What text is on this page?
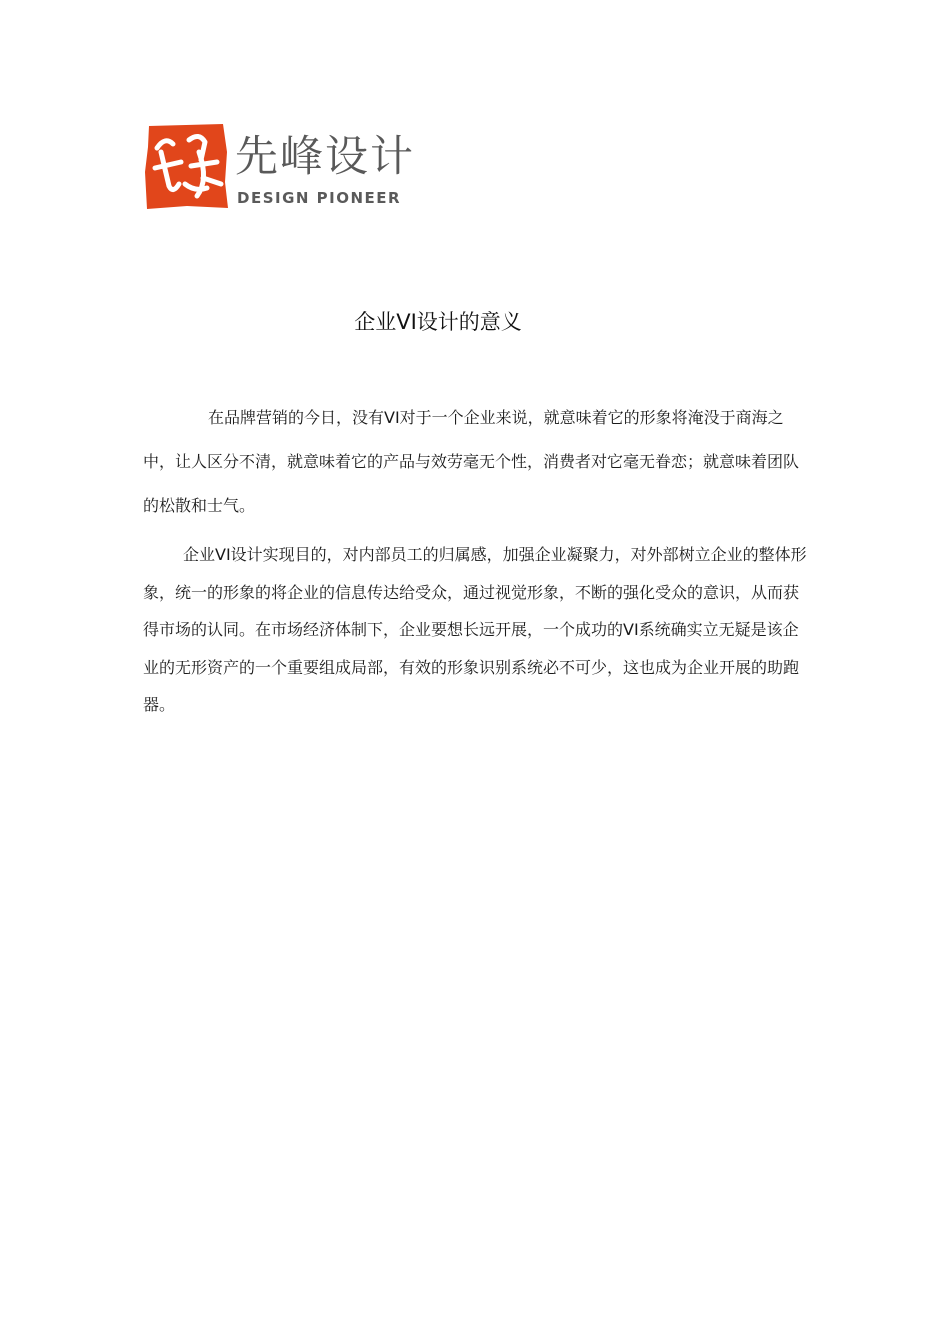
先峰设计
DESIGN PIONEER
企业VI设计的意义

在品牌营销的今日，没有VI对于一个企业来说，就意味着它的形象将淹没于商海之中，让人区分不清，就意味着它的产品与效劳毫无个性，消费者对它毫无眷恋；就意味着团队的松散和士气。

企业VI设计实现目的，对内部员工的归属感，加强企业凝聚力，对外部树立企业的整体形象，统一的形象的将企业的信息传达给受众，通过视觉形象，不断的强化受众的意识，从而获得市场的认同。在市场经济体制下，企业要想长远开展，一个成功的VI系统确实立无疑是该企业的无形资产的一个重要组成局部，有效的形象识别系统必不可少，这也成为企业开展的助跑器。
